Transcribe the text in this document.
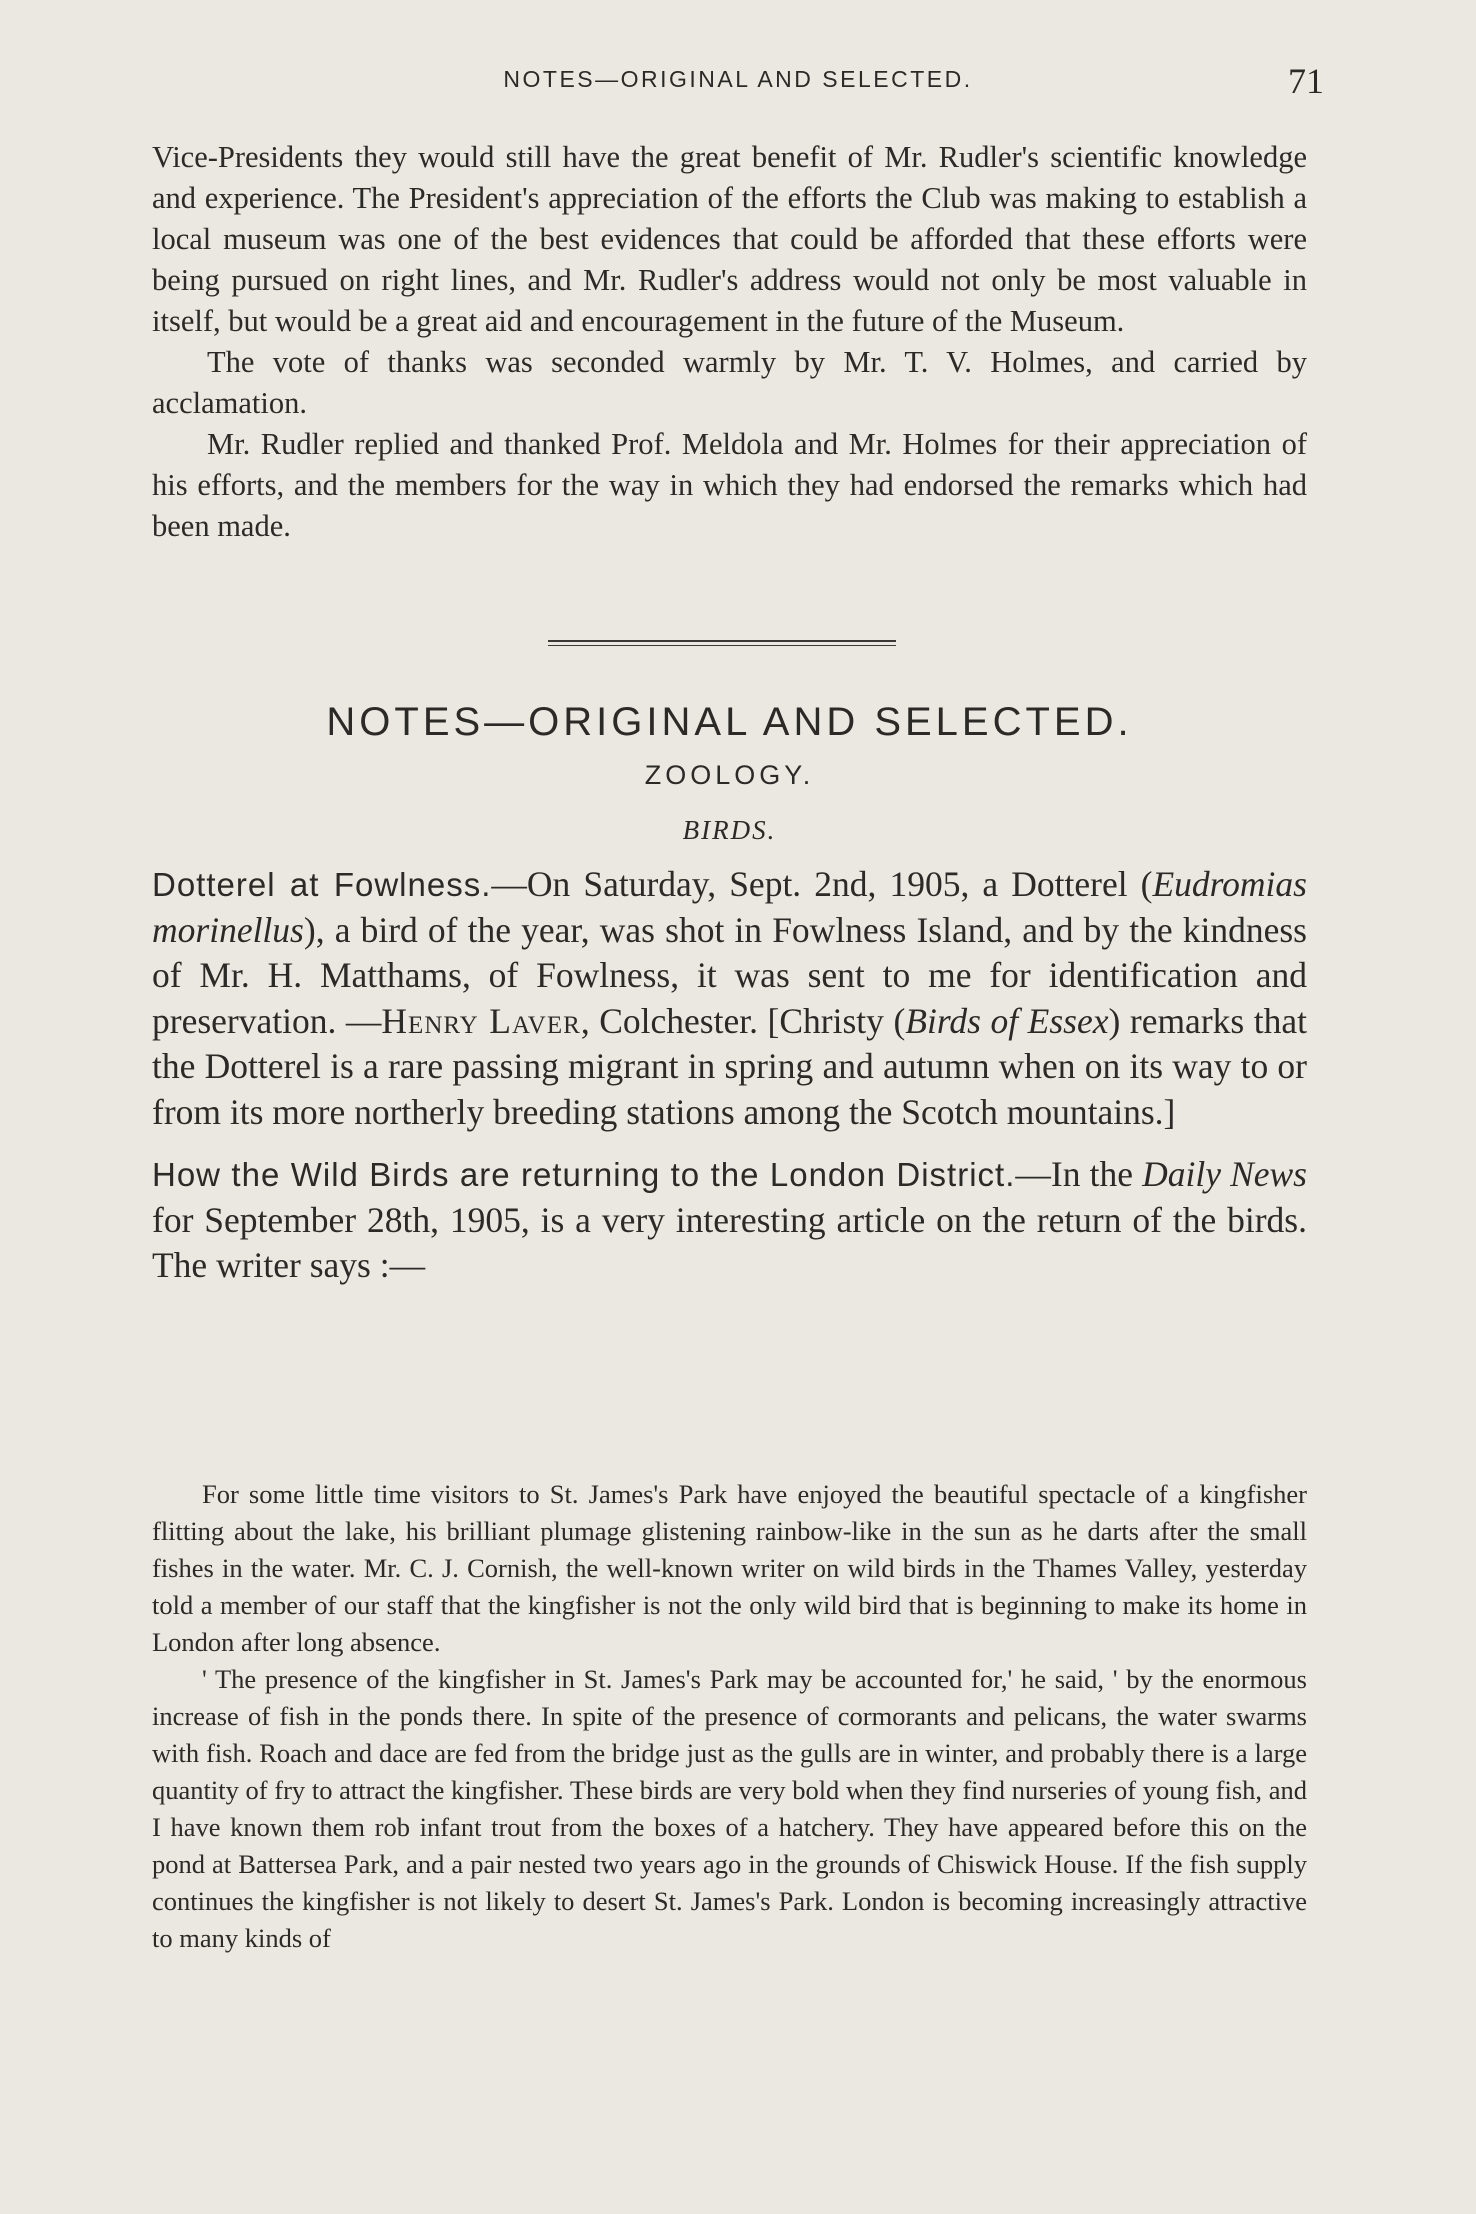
NOTES—ORIGINAL AND SELECTED.	71

Vice-Presidents they would still have the great benefit of Mr. Rudler's scientific knowledge and experience. The President's appreciation of the efforts the Club was making to establish a local museum was one of the best evidences that could be afforded that these efforts were being pursued on right lines, and Mr. Rudler's address would not only be most valuable in itself, but would be a great aid and encouragement in the future of the Museum.

The vote of thanks was seconded warmly by Mr. T. V. Holmes, and carried by acclamation.

Mr. Rudler replied and thanked Prof. Meldola and Mr. Holmes for their appreciation of his efforts, and the members for the way in which they had endorsed the remarks which had been made.

NOTES—ORIGINAL AND SELECTED.
ZOOLOGY.
BIRDS.

Dotterel at Fowlness.—On Saturday, Sept. 2nd, 1905, a Dotterel (Eudromias morinellus), a bird of the year, was shot in Fowlness Island, and by the kindness of Mr. H. Matthams, of Fowlness, it was sent to me for identification and preservation. —Henry Laver, Colchester. [Christy (Birds of Essex) remarks that the Dotterel is a rare passing migrant in spring and autumn when on its way to or from its more northerly breeding stations among the Scotch mountains.]

How the Wild Birds are returning to the London District.—In the Daily News for September 28th, 1905, is a very interesting article on the return of the birds. The writer says :—

For some little time visitors to St. James's Park have enjoyed the beautiful spectacle of a kingfisher flitting about the lake, his brilliant plumage glistening rainbow-like in the sun as he darts after the small fishes in the water. Mr. C. J. Cornish, the well-known writer on wild birds in the Thames Valley, yesterday told a member of our staff that the kingfisher is not the only wild bird that is beginning to make its home in London after long absence.

' The presence of the kingfisher in St. James's Park may be accounted for,' he said, ' by the enormous increase of fish in the ponds there. In spite of the presence of cormorants and pelicans, the water swarms with fish. Roach and dace are fed from the bridge just as the gulls are in winter, and probably there is a large quantity of fry to attract the kingfisher. These birds are very bold when they find nurseries of young fish, and I have known them rob infant trout from the boxes of a hatchery. They have appeared before this on the pond at Battersea Park, and a pair nested two years ago in the grounds of Chiswick House. If the fish supply continues the kingfisher is not likely to desert St. James's Park. London is becoming increasingly attractive to many kinds of
